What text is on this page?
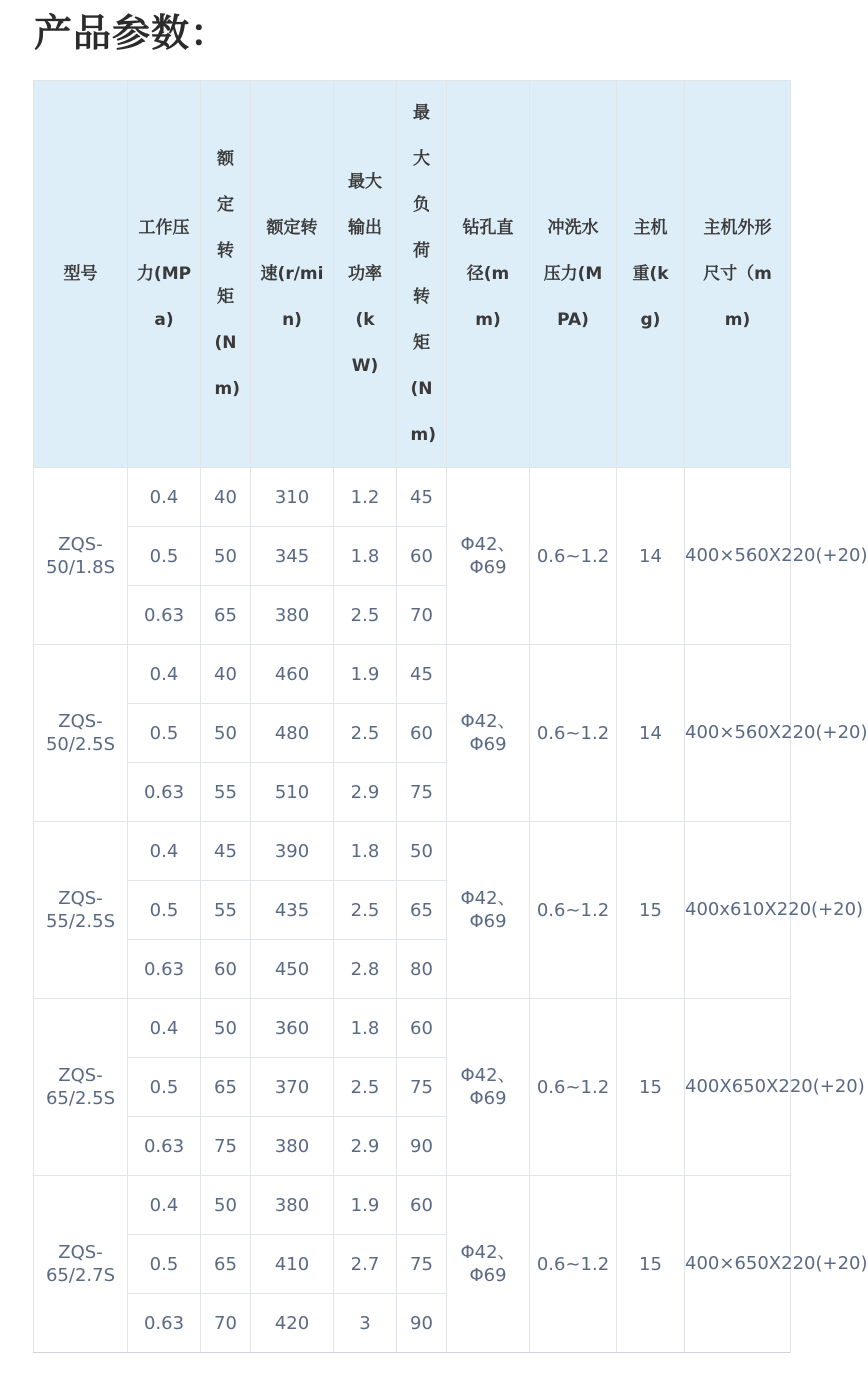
产品参数：
型号	工作压力(MPa)	额定转矩(Nm)	额定转速(r/min)	最大输出功率(kW)	最大负荷转矩(Nm)	钻孔直径(mm)	冲洗水压力(MPA)	主机重(kg)	主机外形尺寸（mm)

ZQS-50/1.8S	0.4	40	310	1.2	45	Φ42、Φ69	0.6~1.2	14	400×560X220(+20)
	0.5	50	345	1.8	60				
	0.63	65	380	2.5	70				
ZQS-50/2.5S	0.4	40	460	1.9	45	Φ42、Φ69	0.6~1.2	14	400×560X220(+20)
	0.5	50	480	2.5	60				
	0.63	55	510	2.9	75				
ZQS-55/2.5S	0.4	45	390	1.8	50	Φ42、Φ69	0.6~1.2	15	400x610X220(+20)
	0.5	55	435	2.5	65				
	0.63	60	450	2.8	80				
ZQS-65/2.5S	0.4	50	360	1.8	60	Φ42、Φ69	0.6~1.2	15	400X650X220(+20)
	0.5	65	370	2.5	75				
	0.63	75	380	2.9	90				
ZQS-65/2.7S	0.4	50	380	1.9	60	Φ42、Φ69	0.6~1.2	15	400×650X220(+20)
	0.5	65	410	2.7	75				
	0.63	70	420	3	90				
